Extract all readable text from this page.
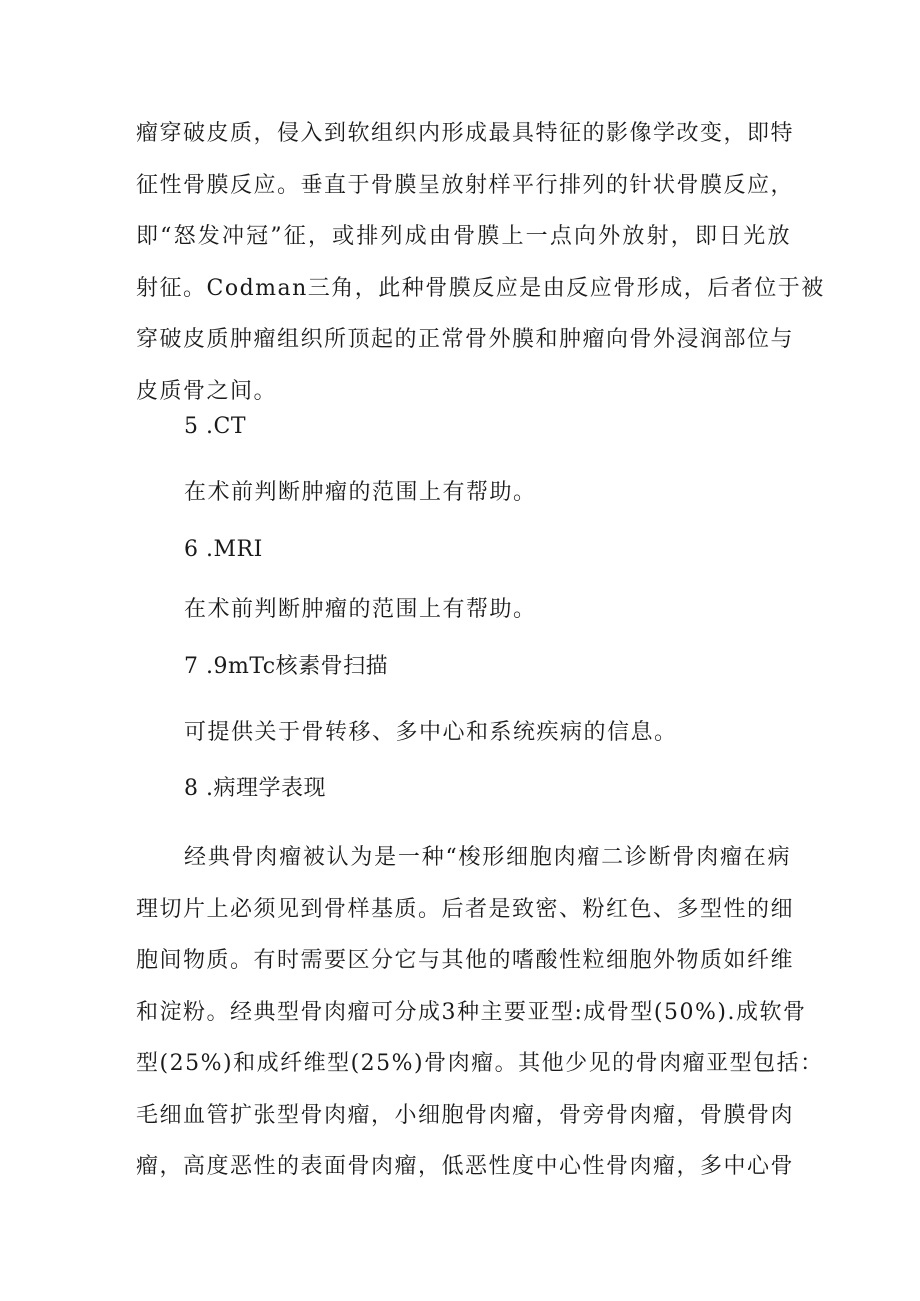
瘤穿破皮质，侵入到软组织内形成最具特征的影像学改变，即特
征性骨膜反应。垂直于骨膜呈放射样平行排列的针状骨膜反应，
即“怒发冲冠”征，或排列成由骨膜上一点向外放射，即日光放
射征。Codman三角，此种骨膜反应是由反应骨形成，后者位于被
穿破皮质肿瘤组织所顶起的正常骨外膜和肿瘤向骨外浸润部位与
皮质骨之间。
5 .CT
在术前判断肿瘤的范围上有帮助。
6 .MRI
在术前判断肿瘤的范围上有帮助。
7 .9mTc核素骨扫描
可提供关于骨转移、多中心和系统疾病的信息。
8 .病理学表现
经典骨肉瘤被认为是一种“梭形细胞肉瘤二诊断骨肉瘤在病
理切片上必须见到骨样基质。后者是致密、粉红色、多型性的细
胞间物质。有时需要区分它与其他的嗜酸性粒细胞外物质如纤维
和淀粉。经典型骨肉瘤可分成3种主要亚型:成骨型(50%).成软骨
型(25%)和成纤维型(25%)骨肉瘤。其他少见的骨肉瘤亚型包括：
毛细血管扩张型骨肉瘤，小细胞骨肉瘤，骨旁骨肉瘤，骨膜骨肉
瘤，高度恶性的表面骨肉瘤，低恶性度中心性骨肉瘤，多中心骨
